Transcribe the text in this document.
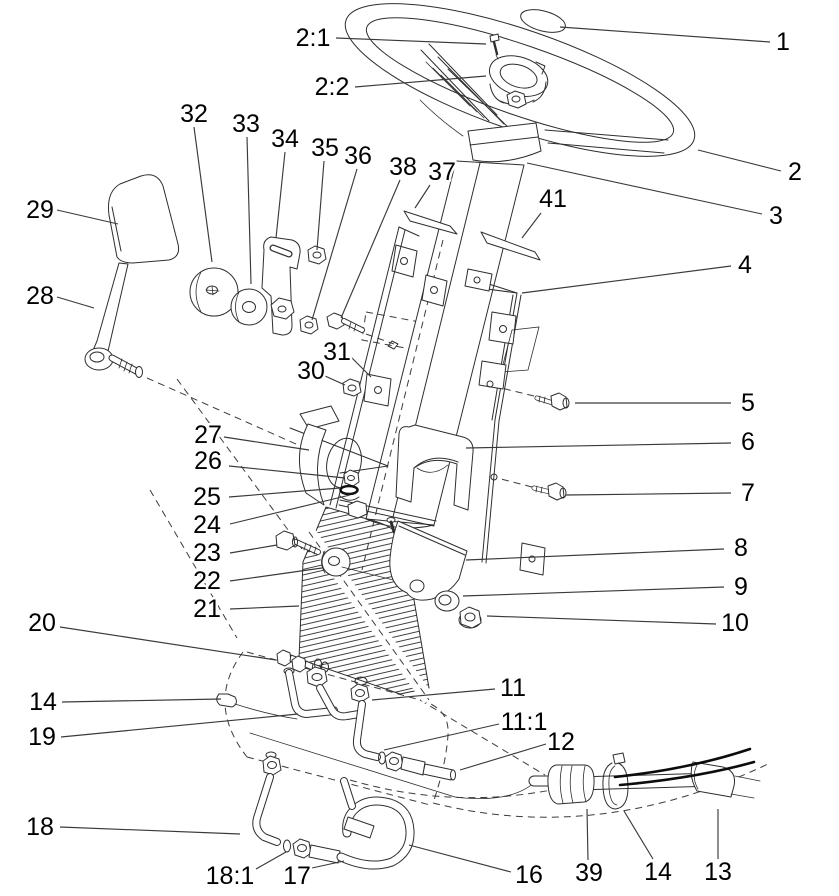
2:1
2:2
1
2
3
4
41
37
38
36
35
34
33
32
29
28
30
31
27
26
25
24
23
22
21
5
6
7
8
9
10
20
14
19
18
18:1 17
11
11:1
12
16 39 14 13
